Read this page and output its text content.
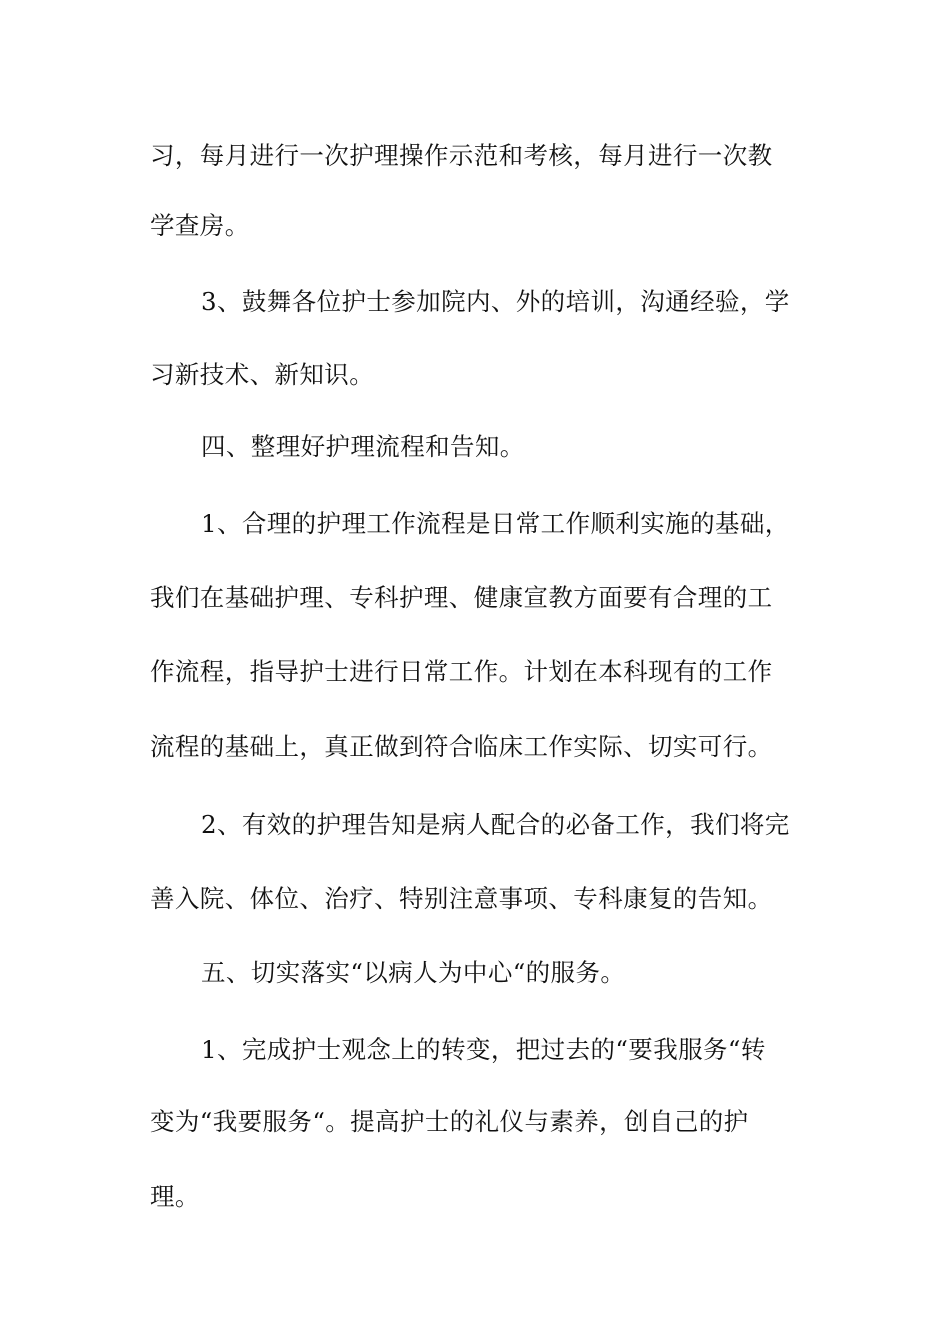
习，每月进行一次护理操作示范和考核，每月进行一次教
学查房。
3、鼓舞各位护士参加院内、外的培训，沟通经验，学
习新技术、新知识。
四、整理好护理流程和告知。
1、合理的护理工作流程是日常工作顺利实施的基础，
我们在基础护理、专科护理、健康宣教方面要有合理的工
作流程，指导护士进行日常工作。计划在本科现有的工作
流程的基础上，真正做到符合临床工作实际、切实可行。
2、有效的护理告知是病人配合的必备工作，我们将完
善入院、体位、治疗、特别注意事项、专科康复的告知。
五、切实落实“以病人为中心“的服务。
1、完成护士观念上的转变，把过去的“要我服务“转
变为“我要服务“。提高护士的礼仪与素养，创自己的护
理。
